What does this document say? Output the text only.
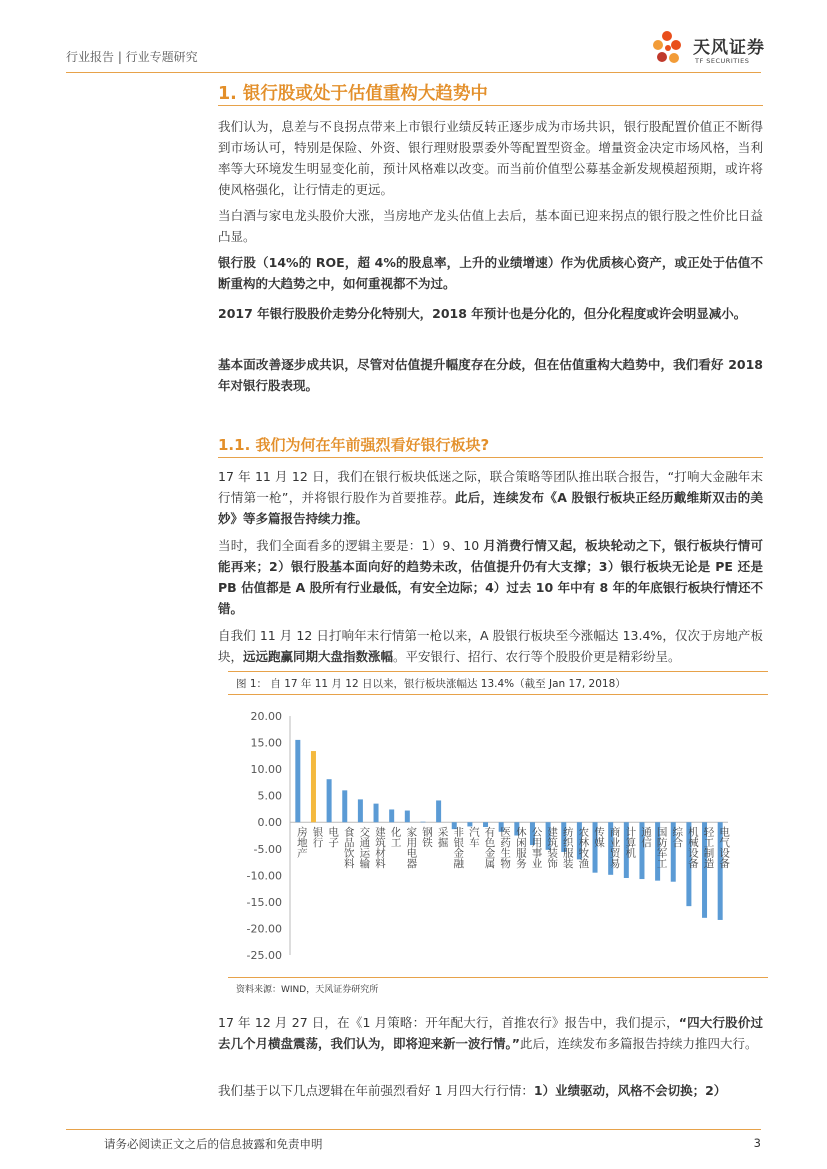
行业报告 | 行业专题研究	天风证券
TF SECURITIES
1. 银行股或处于估值重构大趋势中

我们认为，息差与不良拐点带来上市银行业绩反转正逐步成为市场共识，银行股配置价值正不断得到市场认可，特别是保险、外资、银行理财股票委外等配置型资金。增量资金决定市场风格，当利率等大环境发生明显变化前，预计风格难以改变。而当前价值型公募基金新发规模超预期，或许将使风格强化，让行情走的更远。

当白酒与家电龙头股价大涨，当房地产龙头估值上去后，基本面已迎来拐点的银行股之性价比日益凸显。

银行股（14%的 ROE，超 4%的股息率，上升的业绩增速）作为优质核心资产，或正处于估值不断重构的大趋势之中，如何重视都不为过。

2017 年银行股股价走势分化特别大，2018 年预计也是分化的，但分化程度或许会明显减小。

基本面改善逐步成共识，尽管对估值提升幅度存在分歧，但在估值重构大趋势中，我们看好 2018 年对银行股表现。

1.1. 我们为何在年前强烈看好银行板块?

17 年 11 月 12 日，我们在银行板块低迷之际，联合策略等团队推出联合报告，“打响大金融年末行情第一枪”，并将银行股作为首要推荐。此后，连续发布《A 股银行板块正经历戴维斯双击的美妙》等多篇报告持续力推。

当时，我们全面看多的逻辑主要是：1）9、10 月消费行情又起，板块轮动之下，银行板块行情可能再来；2）银行股基本面向好的趋势未改，估值提升仍有大支撑；3）银行板块无论是 PE 还是 PB 估值都是 A 股所有行业最低，有安全边际；4）过去 10 年中有 8 年的年底银行板块行情还不错。

自我们 11 月 12 日打响年末行情第一枪以来，A 股银行板块至今涨幅达 13.4%，仅次于房地产板块，远远跑赢同期大盘指数涨幅。平安银行、招行、农行等个股股价更是精彩纷呈。

图 1： 自 17 年 11 月 12 日以来，银行板块涨幅达 13.4%（截至 Jan 17, 2018）
20.00
15.00
10.00
5.00
0.00
-5.00
-10.00
-15.00
-20.00
-25.00
房地产 银行 电子 食品饮料 交通运输 建筑材料 化工 家用电器 钢铁 采掘 非银金融 汽车 有色金属 医药生物 休闲服务 公用事业 建筑装饰 纺织服装 农林牧渔 传媒 商业贸易 计算机 通信 国防军工 综合 机械设备 轻工制造 电气设备
资料来源：WIND，天风证券研究所

17 年 12 月 27 日，在《1 月策略：开年配大行，首推农行》报告中，我们提示，“四大行股价过去几个月横盘震荡，我们认为，即将迎来新一波行情。”此后，连续发布多篇报告持续力推四大行。

我们基于以下几点逻辑在年前强烈看好 1 月四大行行情：1）业绩驱动，风格不会切换；2）

请务必阅读正文之后的信息披露和免责申明	3
